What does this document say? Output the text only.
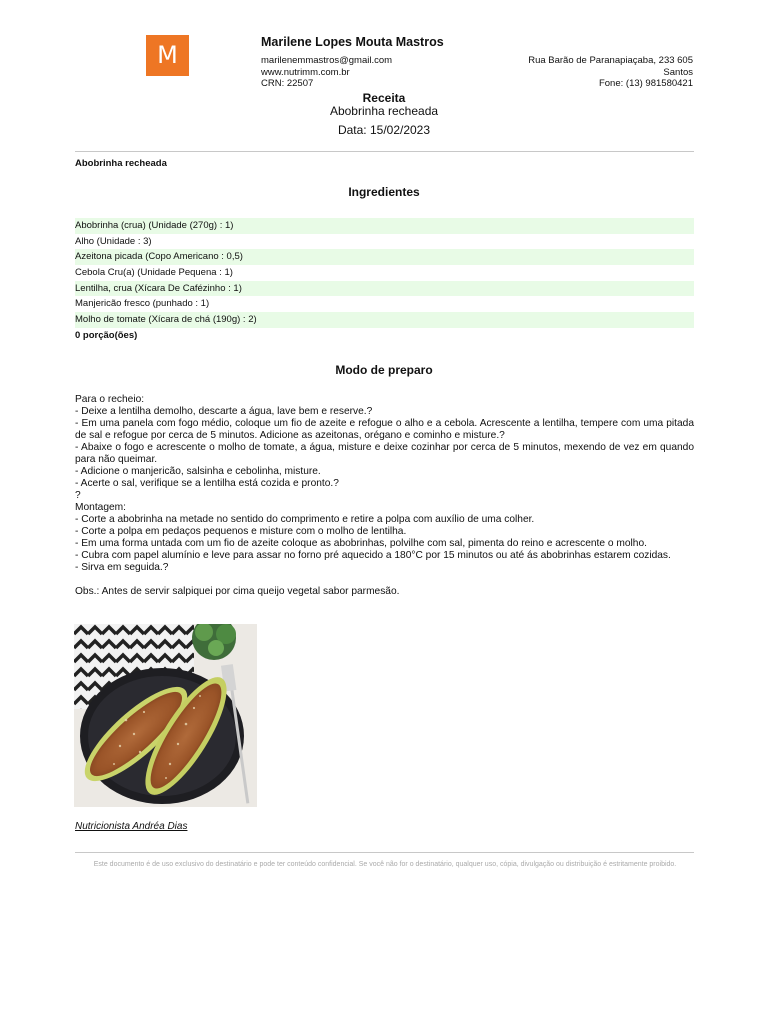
M	Marilene Lopes Mouta Mastros
marilenemmastros@gmail.com
www.nutrimm.com.br
CRN: 22507
Rua Barão de Paranapiaçaba, 233 605
Santos
Fone: (13) 981580421
Receita
Abobrinha recheada
Data: 15/02/2023
Abobrinha recheada
Ingredientes
Abobrinha (crua) (Unidade (270g) : 1)
Alho (Unidade : 3)
Azeitona picada (Copo Americano : 0,5)
Cebola Cru(a) (Unidade Pequena : 1)
Lentilha, crua (Xícara De Cafézinho : 1)
Manjericão fresco (punhado : 1)
Molho de tomate (Xícara de chá (190g) : 2)
0 porção(ões)
Modo de preparo

Para o recheio:

- Deixe a lentilha demolho, descarte a água, lave bem e reserve.?

- Em uma panela com fogo médio, coloque um fio de azeite e refogue o alho e a cebola. Acrescente a lentilha, tempere com uma pitada de sal e refogue por cerca de 5 minutos. Adicione as azeitonas, orégano e cominho e misture.?

- Abaixe o fogo e acrescente o molho de tomate, a água, misture e deixe cozinhar por cerca de 5 minutos, mexendo de vez em quando para não queimar.

- Adicione o manjericão, salsinha e cebolinha, misture.

- Acerte o sal, verifique se a lentilha está cozida e pronto.?

?

Montagem:

- Corte a abobrinha na metade no sentido do comprimento e retire a polpa com auxílio de uma colher.

- Corte a polpa em pedaços pequenos e misture com o molho de lentilha.

- Em uma forma untada com um fio de azeite coloque as abobrinhas, polvilhe com sal, pimenta do reino e acrescente o molho.

- Cubra com papel alumínio e leve para assar no forno pré aquecido a 180°C por 15 minutos ou até ás abobrinhas estarem cozidas.

- Sirva em seguida.?

Obs.: Antes de servir salpiquei por cima queijo vegetal sabor parmesão.

Nutricionista Andréa Dias
Este documento é de uso exclusivo do destinatário e pode ter conteúdo confidencial. Se você não for o destinatário, qualquer uso, cópia, divulgação ou distribuição é estritamente proibido.
